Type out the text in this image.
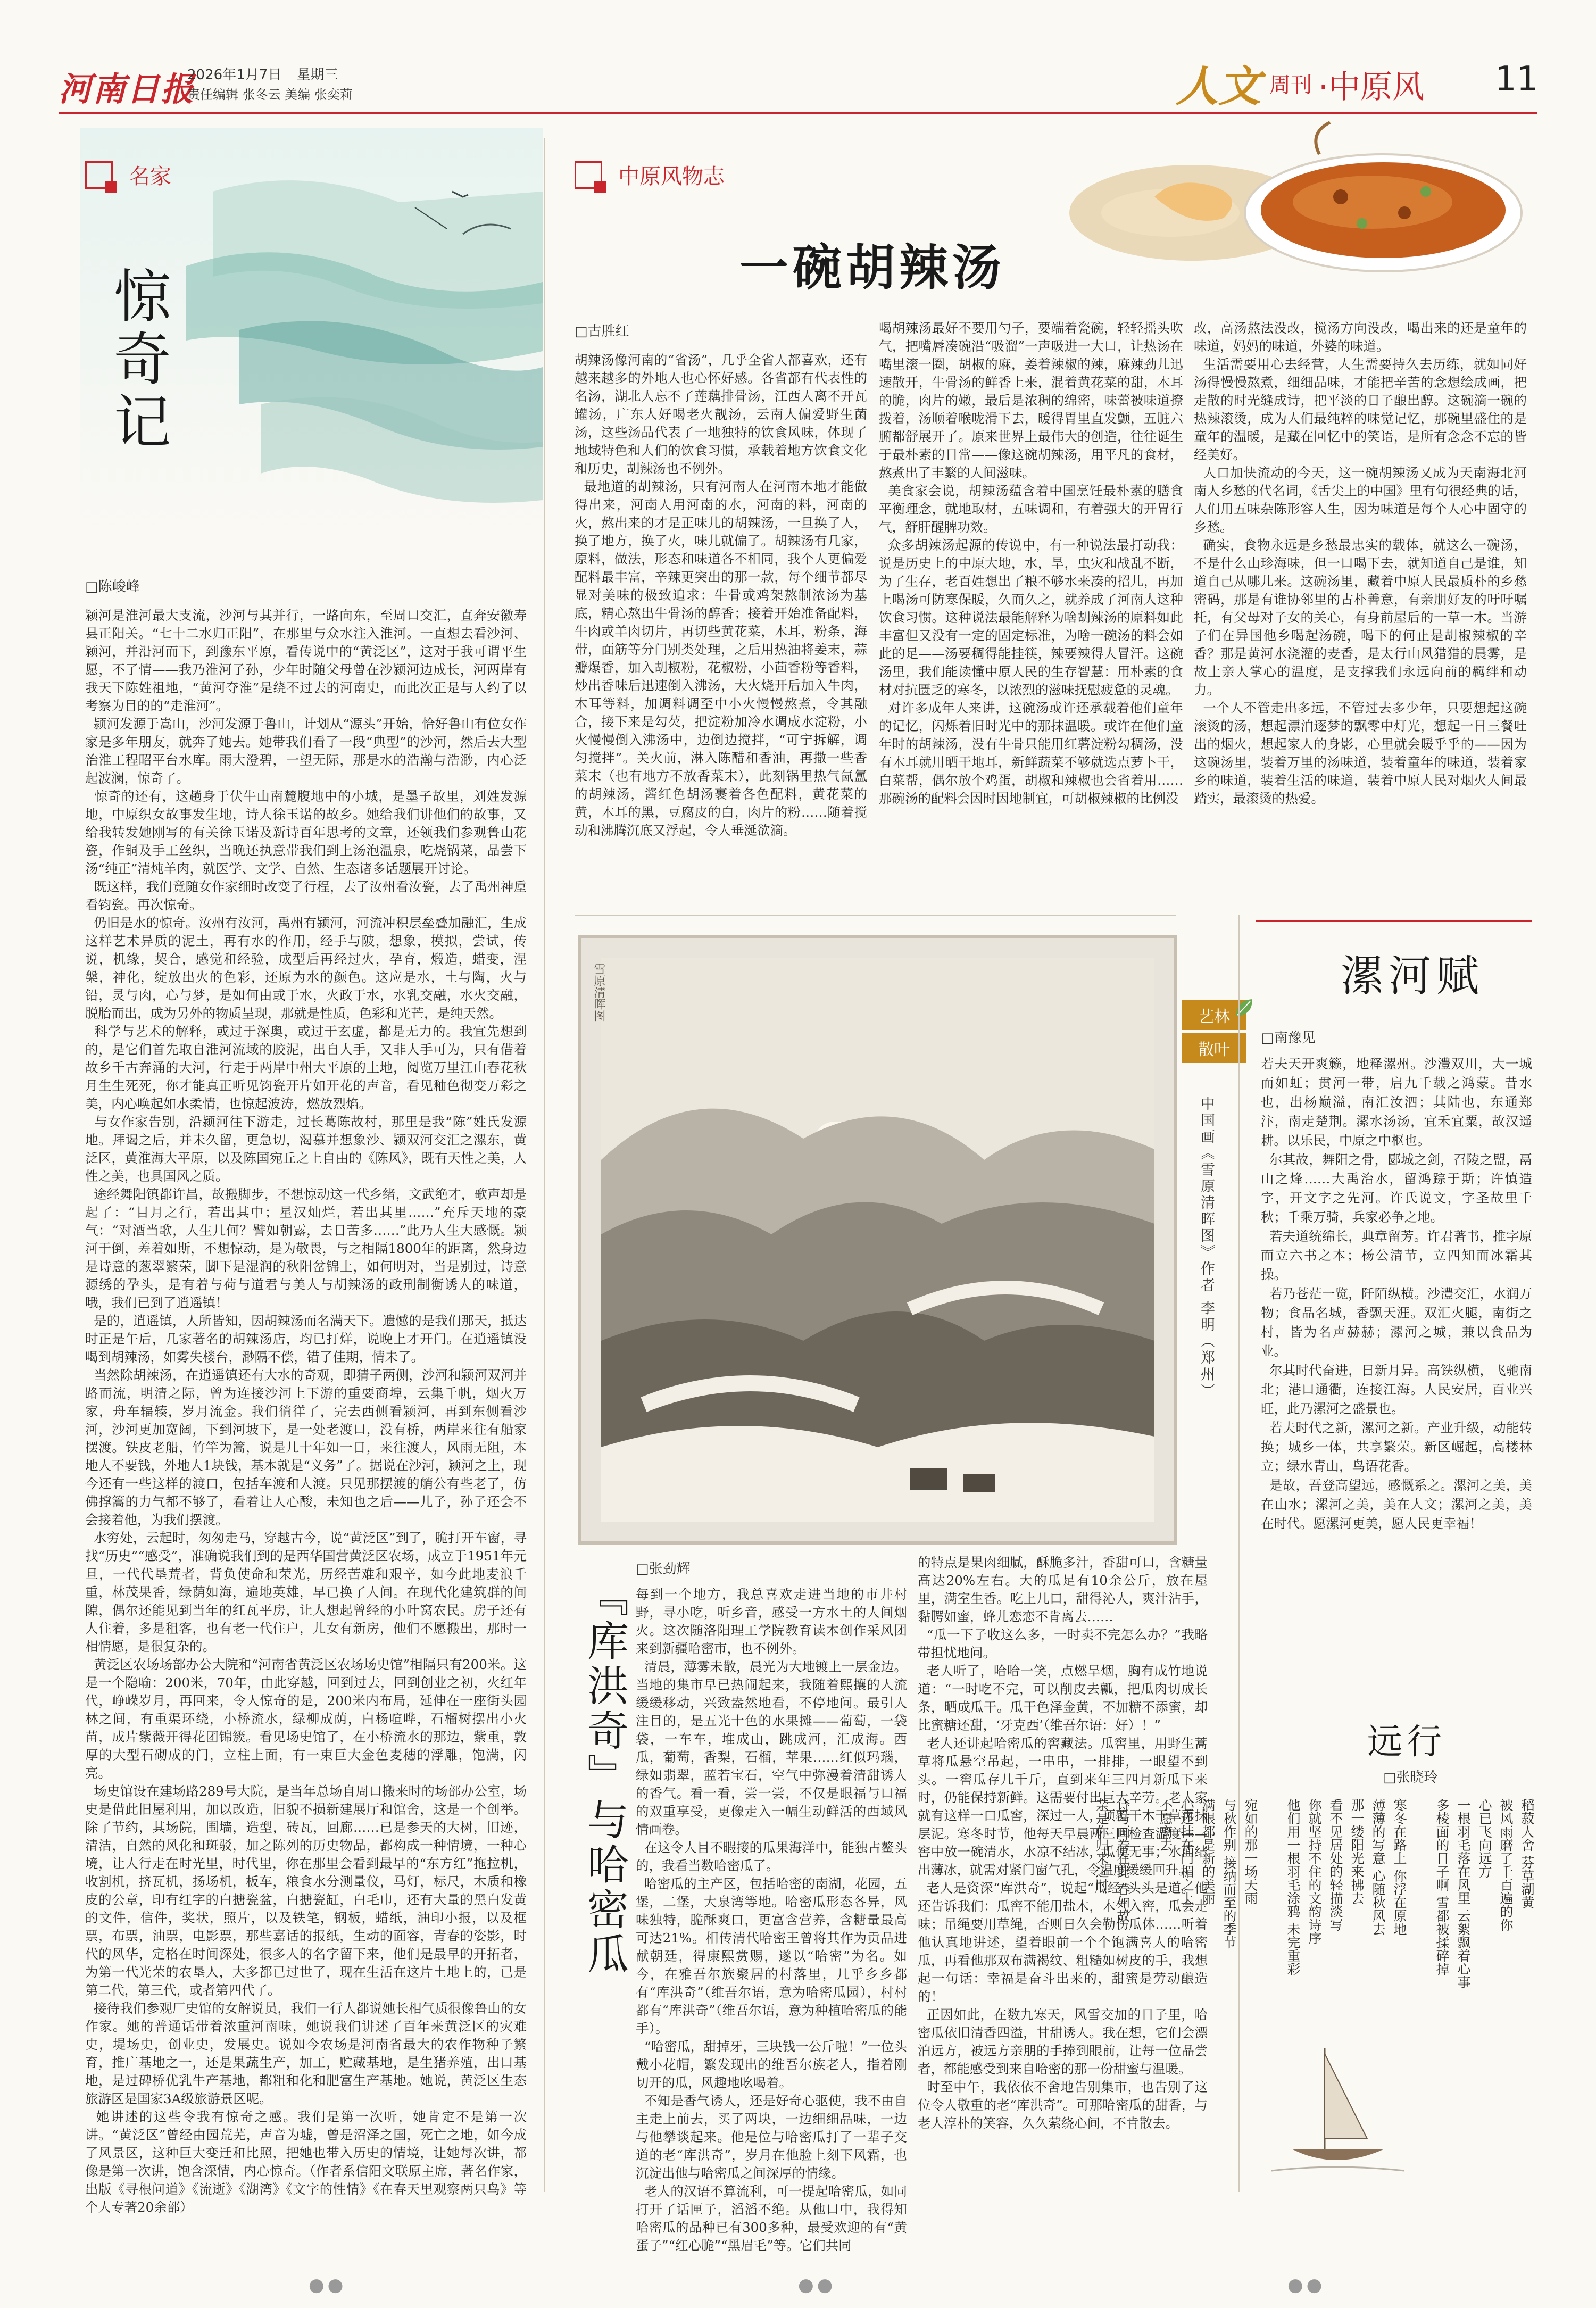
河南日报
2026年1月7日 星期三
责任编辑 张冬云 美编 张奕莉	人文 周刊 ·中原风 11
名家
惊奇记
□陈峻峰
颍河是淮河最大支流，沙河与其并行，一路向东，至周口交汇，直奔安徽寿县正阳关。“七十二水归正阳”，在那里与众水注入淮河。一直想去看沙河、颍河，并沿河而下，到豫东平原，看传说中的“黄泛区”，这对于我可谓平生愿，不了情——我乃淮河子孙，少年时随父母曾在沙颍河边成长，河两岸有我天下陈姓祖地，“黄河夺淮”是绕不过去的河南史，而此次正是与人约了以考察为目的的“走淮河”。
颍河发源于嵩山，沙河发源于鲁山，计划从“源头”开始，恰好鲁山有位女作家是多年朋友，就奔了她去。她带我们看了一段“典型”的沙河，然后去大型治淮工程昭平台水库。雨大澄碧，一望无际，那是水的浩瀚与浩渺，内心泛起波澜，惊奇了。
惊奇的还有，这趟身于伏牛山南麓腹地中的小城，是墨子故里，刘姓发源地，中原织女故事发生地，诗人徐玉诺的故乡。她给我们讲他们的故事，又给我转发她刚写的有关徐玉诺及新诗百年思考的文章，还领我们参观鲁山花瓷，作铜及手工丝织，当晚还执意带我们到上汤泡温泉，吃烧锅菜，品尝下汤“纯正”清炖羊肉，就医学、文学、自然、生态诸多话题展开讨论。
既这样，我们竟随女作家细时改变了行程，去了汝州看汝瓷，去了禹州神垕看钧瓷。再次惊奇。
仍旧是水的惊奇。汝州有汝河，禹州有颍河，河流冲积层垒叠加融汇，生成这样艺术异质的泥土，再有水的作用，经手与陂，想象，模拟，尝试，传说，机缘，契合，感觉和经验，成型后再经过火，孕育，煅造，蜡变，涅槃，神化，绽放出火的色彩，还原为水的颜色。这应是水，土与陶，火与铅，灵与肉，心与梦，是如何由或于水，火政于水，水乳交融，水火交融，脱胎而出，成为另外的物质呈现，那就是性质，色彩和光芒，是纯天然。
科学与艺术的解释，或过于深奥，或过于玄虚，都是无力的。我宜先想到的，是它们首先取自淮河流域的胶泥，出自人手，又非人手可为，只有借着故乡千古奔涌的大河，行走于两岸中州大平原的土地，阅览万里江山春花秋月生生死死，你才能真正听见钧瓷开片如开花的声音，看见釉色彻变万彩之美，内心唤起如水柔情，也惊起波涛，燃放烈焰。
与女作家告别，沿颍河往下游走，过长葛陈故村，那里是我“陈”姓氏发源地。拜谒之后，并未久留，更急切，渴慕并想象沙、颍双河交汇之漯东，黄泛区，黄淮海大平原，以及陈国宛丘之上自由的《陈风》，既有天性之美，人性之美，也具国风之质。
途经舞阳镇都许昌，故搬脚步，不想惊动这一代乡绪，文武绝才，歌声却是起了：“目月之行，若出其中；星汉灿烂，若出其里……”充斥天地的豪气：“对酒当歌，人生几何？譬如朝露，去日苦多……”此乃人生大感慨。颍河于倒，差着如斯，不想惊动，是为敬畏，与之相隔1800年的距离，然身边是诗意的葱翠繁荣，脚下是湿润的秋阳岔锦土，如何明对，当是别过，诗意源绣的孕头，是有着与荷与道君与美人与胡辣汤的政刑制衡诱人的味道，哦，我们已到了逍遥镇！
是的，逍遥镇，人所皆知，因胡辣汤而名满天下。遗憾的是我们那天，抵达时正是午后，几家著名的胡辣汤店，均已打烊，说晚上才开门。在逍遥镇没喝到胡辣汤，如雾失楼台，渺隔不偿，错了佳期，情未了。
当然除胡辣汤，在逍遥镇还有大水的奇观，即猜子两侧，沙河和颍河双河并路而流，明清之际，曾为连接沙河上下游的重要商埠，云集千帆，烟火万家，舟车辐辏，岁月流金。我们徜徉了，完去西侧看颍河，再到东侧看沙河，沙河更加宽阔，下到河坡下，是一处老渡口，没有桥，两岸来往有船家摆渡。铁皮老船，竹竿为篙，说是几十年如一日，来往渡人，风雨无阻，本地人不要钱，外地人1块钱，基本就是“义务”了。据说在沙河，颍河之上，现今还有一些这样的渡口，包括车渡和人渡。只见那摆渡的艄公有些老了，仿佛撑篙的力气都不够了，看着让人心酸，未知也之后——儿子，孙子还会不会接着他，为我们摆渡。
水穷处，云起时，匆匆走马，穿越古今，说“黄泛区”到了，脆打开车窗，寻找“历史”“感受”，准确说我们到的是西华国营黄泛区农场，成立于1951年元旦，一代代垦荒者，背负使命和荣光，历经苦难和艰辛，如今此地麦浪千重，林茂果香，绿荫如海，遍地英雄，早已换了人间。在现代化建筑群的间隙，偶尔还能见到当年的红瓦平房，让人想起曾经的小叶窝农民。房子还有人住着，多是租客，也有老一代住户，儿女有新房，他们不愿搬出，那时一相情愿，是很复杂的。
黄泛区农场场部办公大院和“河南省黄泛区农场场史馆”相隔只有200米。这是一个隐喻：200米，70年，由此穿越，回到过去，回到创业之初，火红年代，峥嵘岁月，再回来，令人惊奇的是，200米内布局，延伸在一座街头园林之间，有重渠环绕，小桥流水，绿柳成荫，白杨喧哗，石榴树摆出小火苗，成片紫薇开得花团锦簇。看见场史馆了，在小桥流水的那边，紫重，敦厚的大型石砌成的门，立柱上面，有一束巨大金色麦穗的浮雕，饱满，闪亮。
场史馆设在建场路289号大院，是当年总场自周口搬来时的场部办公室，场史是借此旧屋利用，加以改造，旧貌不损新建展厅和馆舍，这是一个创举。除了节约，其场院，围墙，造型，砖瓦，回廊……已是参天的大树，旧迹，清洁，自然的风化和斑驳，加之陈列的历史物品，都构成一种情境，一种心境，让人行走在时光里，时代里，你在那里会看到最早的“东方红”拖拉机，收割机，挤瓦机，扬场机，板车，粮食水分测量仪，马灯，标尺，木质和橡皮的公章，印有红字的白搪瓷盆，白搪瓷缸，白毛巾，还有大量的黑白发黄的文件，信件，奖状，照片，以及铁笔，钢板，蜡纸，油印小报，以及框票，布票，油票，电影票，那些嘉话的报纸，生动的面容，青春的姿影，时代的风华，定格在时间深处，很多人的名字留下来，他们是最早的开拓者，为第一代光荣的农垦人，大多都已过世了，现在生活在这片土地上的，已是第二代，第三代，或者第四代了。
接待我们参观厂史馆的女解说员，我们一行人都说她长相气质很像鲁山的女作家。她的普通话带着浓重河南味，她说我们讲述了百年来黄泛区的灾难史，堤场史，创业史，发展史。说如今农场是河南省最大的农作物种子繁育，推广基地之一，还是果蔬生产，加工，贮藏基地，是生猪养殖，出口基地，是过碑桥优乳牛产基地，都粗和化和肥富生产基地。她说，黄泛区生态旅游区是国家3A级旅游景区呢。
她讲述的这些令我有惊奇之感。我们是第一次听，她肯定不是第一次讲。“黄泛区”曾经由园荒芜，声音为墟，曾是沼泽之国，死亡之地，如今成了风景区，这种巨大变迁和比照，把她也带入历史的情境，让她每次讲，都像是第一次讲，饱含深情，内心惊奇。（作者系信阳文联原主席，著名作家，出版《寻根问道》《流逝》《湖湾》《文字的性情》《在春天里观察两只鸟》等个人专著20余部）
中原风物志
一碗胡辣汤
□古胜红
胡辣汤像河南的“省汤”，几乎全省人都喜欢，还有越来越多的外地人也心怀好感。各省都有代表性的名汤，湖北人忘不了莲藕排骨汤，江西人离不开瓦罐汤，广东人好喝老火靓汤，云南人偏爱野生菌汤，这些汤品代表了一地独特的饮食风味，体现了地域特色和人们的饮食习惯，承载着地方饮食文化和历史，胡辣汤也不例外。
最地道的胡辣汤，只有河南人在河南本地才能做得出来，河南人用河南的水，河南的料，河南的火，熬出来的才是正味儿的胡辣汤，一旦换了人，换了地方，换了火，味儿就偏了。胡辣汤有几家，原料，做法，形态和味道各不相同，我个人更偏爱配料最丰富，辛辣更突出的那一款，每个细节都尽显对美味的极致追求：牛骨或鸡架熬制浓汤为基底，精心熬出牛骨汤的醇香；接着开始准备配料，牛肉或羊肉切片，再切些黄花菜，木耳，粉条，海带，面筋等分门别类处理，之后用热油将姜末，蒜瓣爆香，加入胡椒粉，花椒粉，小茴香粉等香料，炒出香味后迅速倒入沸汤，大火烧开后加入牛肉，木耳等料，加调料调至中小火慢慢熬煮，令其融合，接下来是勾芡，把淀粉加冷水调成水淀粉，小火慢慢倒入沸汤中，边倒边搅拌，“可宁拆解，调匀搅拌”。关火前，淋入陈醋和香油，再撒一些香菜末（也有地方不放香菜末），此刻锅里热气氤氲的胡辣汤，酱红色胡汤裹着各色配料，黄花菜的黄，木耳的黑，豆腐皮的白，肉片的粉……随着搅动和沸腾沉底又浮起，令人垂涎欲滴。
喝胡辣汤最好不要用勺子，要端着瓷碗，轻轻摇头吹气，把嘴唇凑碗沿“吸溜”一声吸进一大口，让热汤在嘴里滚一圈，胡椒的麻，姜着辣椒的辣，麻辣劲儿迅速散开，牛骨汤的鲜香上来，混着黄花菜的甜，木耳的脆，肉片的嫩，最后是浓稠的绵密，味蕾被味道撩拨着，汤顺着喉咙滑下去，暖得胃里直发颤，五脏六腑都舒展开了。原来世界上最伟大的创造，往往诞生于最朴素的日常——像这碗胡辣汤，用平凡的食材，熬煮出了丰繁的人间滋味。
美食家会说，胡辣汤蕴含着中国烹饪最朴素的膳食平衡理念，就地取材，五味调和，有着强大的开胃行气，舒肝醒脾功效。
众多胡辣汤起源的传说中，有一种说法最打动我：说是历史上的中原大地，水，旱，虫灾和战乱不断，为了生存，老百姓想出了粮不够水来凑的招儿，再加上喝汤可防寒保暖，久而久之，就养成了河南人这种饮食习惯。这种说法最能解释为啥胡辣汤的原料如此丰富但又没有一定的固定标准，为啥一碗汤的料会如此的足——汤要稠得能挂筷，辣要辣得人冒汗。这碗汤里，我们能读懂中原人民的生存智慧：用朴素的食材对抗匮乏的寒冬，以浓烈的滋味抚慰疲惫的灵魂。
对许多成年人来讲，这碗汤或许还承载着他们童年的记忆，闪烁着旧时光中的那抹温暖。或许在他们童年时的胡辣汤，没有牛骨只能用红薯淀粉勾稠汤，没有木耳就用晒干地耳，新鲜蔬菜不够就选点萝卜干，白菜帮，偶尔放个鸡蛋，胡椒和辣椒也会省着用……那碗汤的配料会因时因地制宜，可胡椒辣椒的比例没
改，高汤熬法没改，搅汤方向没改，喝出来的还是童年的味道，妈妈的味道，外婆的味道。
生活需要用心去经营，人生需要持久去历练，就如同好汤得慢慢熬煮，细细品味，才能把辛苦的念想绘成画，把走散的时光缝成诗，把平淡的日子酿出醇。这碗滴一碗的热辣滚烫，成为人们最纯粹的味觉记忆，那碗里盛住的是童年的温暖，是藏在回忆中的笑语，是所有念念不忘的皆经美好。
人口加快流动的今天，这一碗胡辣汤又成为天南海北河南人乡愁的代名词，《舌尖上的中国》里有句很经典的话，人们用五味杂陈形容人生，因为味道是每个人心中固守的乡愁。
确实，食物永远是乡愁最忠实的载体，就这么一碗汤，不是什么山珍海味，但一口喝下去，就知道自己是谁，知道自己从哪儿来。这碗汤里，藏着中原人民最质朴的乡愁密码，那是有谁协邻里的古朴善意，有亲朋好友的吁吁嘱托，有父母对子女的关心，有身前屋后的一草一木。当游子们在异国他乡喝起汤碗，喝下的何止是胡椒辣椒的辛香？那是黄河水浇灌的麦香，是太行山风猎猎的晨雾，是故土亲人掌心的温度，是支撑我们永远向前的羁绊和动力。
一个人不管走出多远，不管过去多少年，只要想起这碗滚烫的汤，想起漂泊逐梦的飘零中灯光，想起一日三餐吐出的烟火，想起家人的身影，心里就会暖乎乎的——因为这碗汤里，装着万里的汤味道，装着童年的味道，装着家乡的味道，装着生活的味道，装着中原人民对烟火人间最踏实，最滚烫的热爱。
雪原清晖图	艺林
散叶
中国画《雪原清晖图》作者 李明（郑州）
『库洪奇』与哈密瓜
□张劲辉
每到一个地方，我总喜欢走进当地的市井村野，寻小吃，听乡音，感受一方水土的人间烟火。这次随洛阳理工学院教育读本创作采风团来到新疆哈密市，也不例外。
清晨，薄雾未散，晨光为大地镀上一层金边。当地的集市早已热闹起来，我随着熙攘的人流缓缓移动，兴致盎然地看，不停地问。最引人注目的，是五光十色的水果摊——葡萄，一袋袋，一车车，堆成山，跳成河，汇成海。西瓜，葡萄，香梨，石榴，苹果……红似玛瑙，绿如翡翠，蓝若宝石，空气中弥漫着清甜诱人的香气。看一看，尝一尝，不仅是眼福与口福的双重享受，更像走入一幅生动鲜活的西域风情画卷。
在这令人目不暇接的瓜果海洋中，能独占鳌头的，我看当数哈密瓜了。
哈密瓜的主产区，包括哈密的南湖，花园，五堡，二堡，大泉湾等地。哈密瓜形态各异，风味独特，脆酥爽口，更富含营养，含糖量最高可达21%。相传清代哈密王曾将其作为贡品进献朝廷，得康熙赏赐，遂以“哈密”为名。如今，在雅吾尔族聚居的村落里，几乎乡乡都有“库洪奇”（维吾尔语，意为哈密瓜园），村村都有“库洪奇”（维吾尔语，意为种植哈密瓜的能手）。
“哈密瓜，甜掉牙，三块钱一公斤啦！”一位头戴小花帽，繁发现出的维吾尔族老人，指着刚切开的瓜，风趣地吆喝着。
不知是香气诱人，还是好奇心驱使，我不由自主走上前去，买了两块，一边细细品味，一边与他攀谈起来。他是位与哈密瓜打了一辈子交道的老“库洪奇”，岁月在他脸上刻下风霜，也沉淀出他与哈密瓜之间深厚的情缘。
老人的汉语不算流利，可一提起哈密瓜，如同打开了话匣子，滔滔不绝。从他口中，我得知哈密瓜的品种已有300多种，最受欢迎的有“黄蛋子”“红心脆”“黑眉毛”等。它们共同
的特点是果肉细腻，酥脆多汁，香甜可口，含糖量高达20%左右。大的瓜足有10余公斤，放在屋里，满室生香。吃上几口，甜得沁人，爽汁沾手，黏腭如蜜，蜂儿恋恋不肯离去……
“瓜一下子收这么多，一时卖不完怎么办？”我略带担忧地问。
老人听了，哈哈一笑，点燃旱烟，胸有成竹地说道：“一时吃不完，可以削皮去瓤，把瓜肉切成长条，晒成瓜干。瓜干色泽金黄，不加糖不添蜜，却比蜜糖还甜，‘牙克西’（维吾尔语：好）！”
老人还讲起哈密瓜的窖藏法。瓜窖里，用野生蒿草将瓜悬空吊起，一串串，一排排，一眼望不到头。一窖瓜存几千斤，直到来年三四月新瓜下来时，仍能保持新鲜。这需要付出巨大辛劳。老人家就有这样一口瓜窖，深过一人，顶覆干木干草再抹层泥。寒冬时节，他每天早晨两三回检查温度——窖中放一碗清水，水凉不结冰，瓜便无事；水面结出薄冰，就需对紧门窗气孔，令温度缓缓回升。
老人是资深“库洪奇”，说起“瓜经”头头是道。他还告诉我们：瓜窖不能用盐木，木气入窖，瓜会走味；吊绳要用草绳，否则日久会勒伤瓜体……听着他认真地讲述，望着眼前一个个饱满喜人的哈密瓜，再看他那双布满褐纹、粗糙如树皮的手，我想起一句话：幸福是奋斗出来的，甜蜜是劳动酿造的！
正因如此，在数九寒天，风雪交加的日子里，哈密瓜依旧清香四溢，甘甜诱人。我在想，它们会漂泊远方，被远方亲朋的手捧到眼前，让每一位品尝者，都能感受到来自哈密的那一份甜蜜与温暖。
时至中午，我依依不舍地告别集市，也告别了这位令人敬重的老“库洪奇”。可那哈密瓜的甜香，与老人淳朴的笑容，久久萦绕心间，不肯散去。
漯河赋
□南豫见
若夫天开爽籁，地释漯州。沙澧双川，大一城而如虹；贯河一带，启九千载之鸿蒙。昔水也，出杨巅溢，南汇汝泗；其陆也，东通郑汴，南走楚荆。漯水汤汤，宜禾宜粟，故汉遥耕。以乐民，中原之中枢也。
尔其故，舞阳之骨，郾城之剑，召陵之盟，鬲山之烽……大禹治水，留鸿踪于斯；许慎造字，开文字之先河。许氏说文，字圣故里千秋；千乘万骑，兵家必争之地。
若夫道统绵长，典章留芳。许君著书，推字原而立六书之本；杨公清节，立四知而冰霜其操。
若乃苍茫一览，阡陌纵横。沙澧交汇，水润万物；食品名城，香飘天涯。双汇火腿，南街之村，皆为名声赫赫；漯河之城，兼以食品为业。
尔其时代奋进，日新月异。高铁纵横，飞驰南北；港口通衢，连接江海。人民安居，百业兴旺，此乃漯河之盛景也。
若夫时代之新，漯河之新。产业升级，动能转换；城乡一体，共享繁荣。新区崛起，高楼林立；绿水青山，鸟语花香。
是故，吾登高望远，感慨系之。漯河之美，美在山水；漯河之美，美在人文；漯河之美，美在时代。愿漯河更美，愿人民更幸福！
远行
□张晓玲
稻菽人舍 芬草湖黄
被风雨磨了千百遍的你
心已飞向远方
一根羽毛落在风里 云絮飘着心事
多棱面的日子啊 雪都被揉碎掉

寒冬在路上 你浮在原地
薄薄的写意 心随秋风去
那一缕阳光来拂去
看不见居处的轻描淡写
你就坚持不住的文韵诗序
他们用一根羽毛涂鸦 未完重彩

宛如的那一场天雨
与秋作别 接纳而至的季节
满眼都是新的美丽
心还挂在门楣之上
不愿离去

诗与画卷在此 春如故
亲是你归来之时
●●	●●	●●
